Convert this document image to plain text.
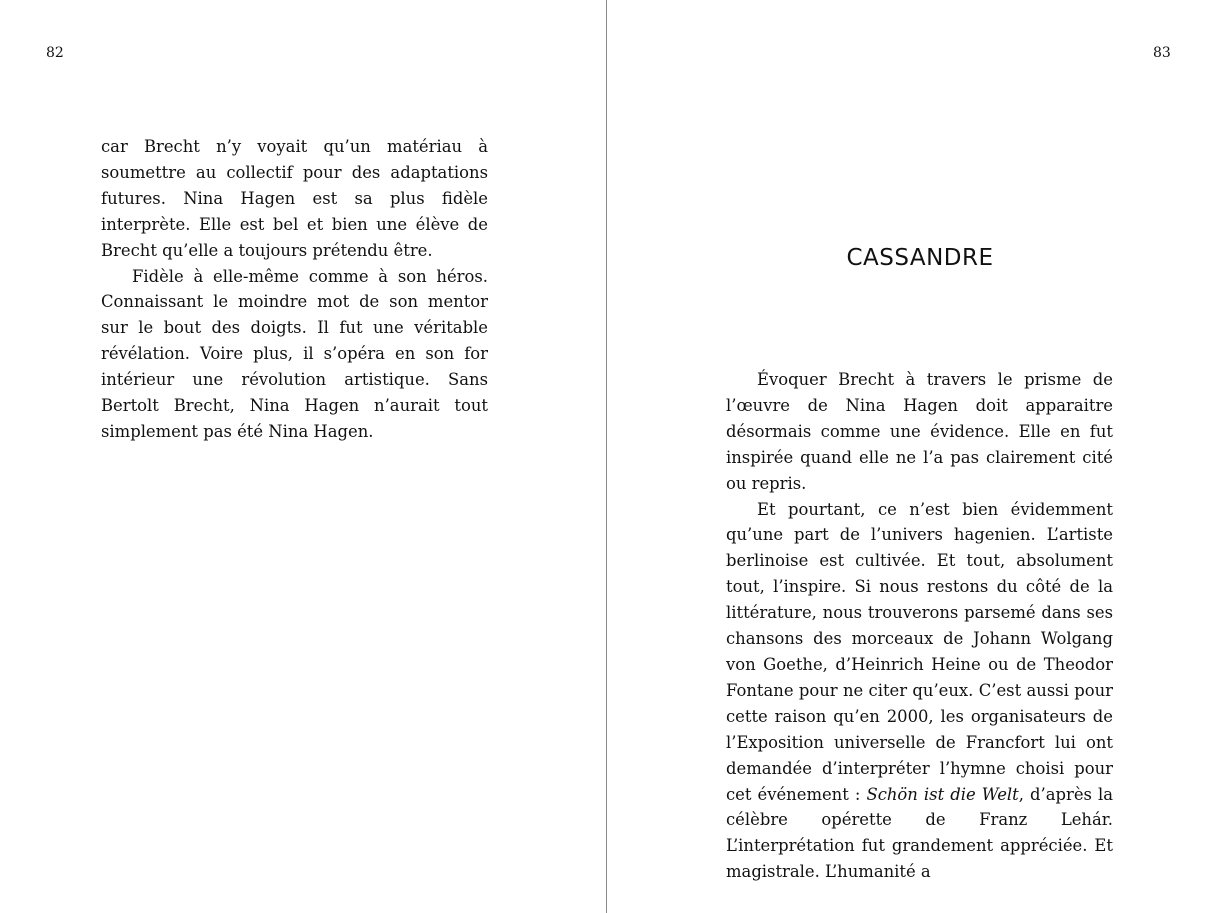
82

car Brecht n’y voyait qu’un matériau à soumettre au collectif pour des adaptations futures. Nina Hagen est sa plus fidèle interprète. Elle est bel et bien une élève de Brecht qu’elle a toujours prétendu être.

Fidèle à elle-même comme à son héros. Connaissant le moindre mot de son mentor sur le bout des doigts. Il fut une véritable révélation. Voire plus, il s’opéra en son for intérieur une révolution artistique. Sans Bertolt Brecht, Nina Hagen n’aurait tout simplement pas été Nina Hagen.

83
CASSANDRE

Évoquer Brecht à travers le prisme de l’œuvre de Nina Hagen doit apparaitre désormais comme une évidence. Elle en fut inspirée quand elle ne l’a pas clairement cité ou repris.

Et pourtant, ce n’est bien évidemment qu’une part de l’univers hagenien. L’artiste berlinoise est cultivée. Et tout, absolument tout, l’inspire. Si nous restons du côté de la littérature, nous trouverons parsemé dans ses chansons des morceaux de Johann Wolgang von Goethe, d’Heinrich Heine ou de Theodor Fontane pour ne citer qu’eux. C’est aussi pour cette raison qu’en 2000, les organisateurs de l’Exposition universelle de Francfort lui ont demandée d’interpréter l’hymne choisi pour cet événement : Schön ist die Welt, d’après la célèbre opérette de Franz Lehár. L’interprétation fut grandement appréciée. Et magistrale. L’humanité a
